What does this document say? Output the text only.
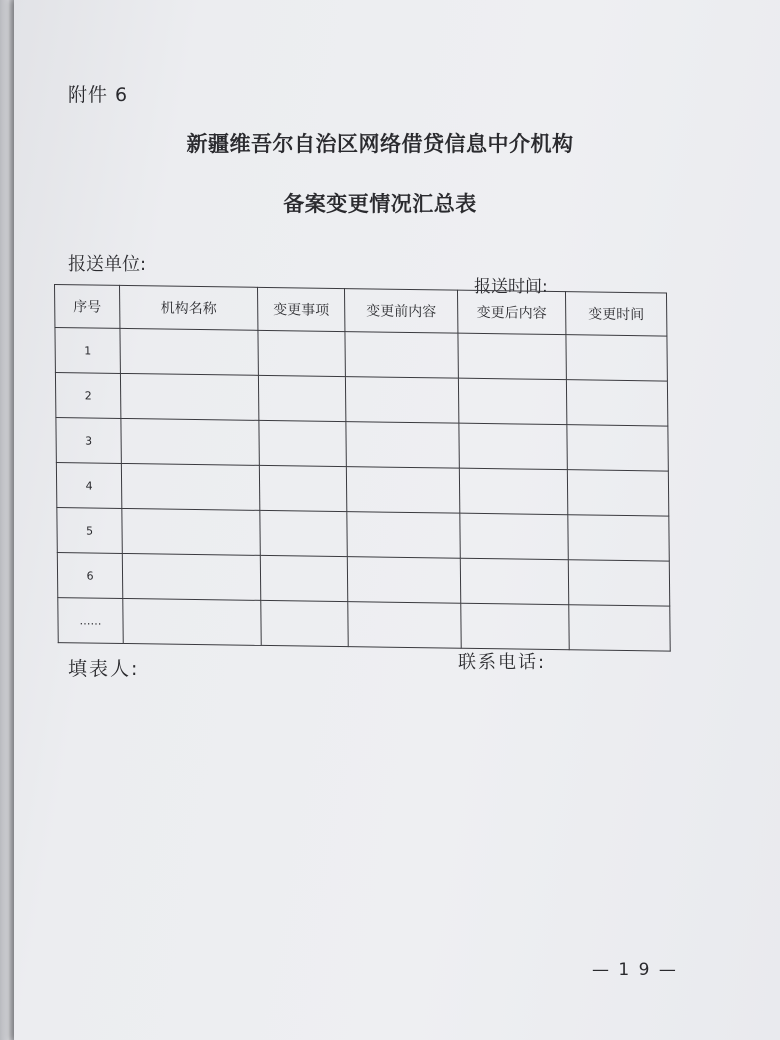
附件 6
新疆维吾尔自治区网络借贷信息中介机构
备案变更情况汇总表
报送单位:
报送时间:
序号	机构名称	变更事项	变更前内容	变更后内容	变更时间
1					
2					
3					
4					
5					
6					
……					
填表人:	联系电话:
— 1 9 —
